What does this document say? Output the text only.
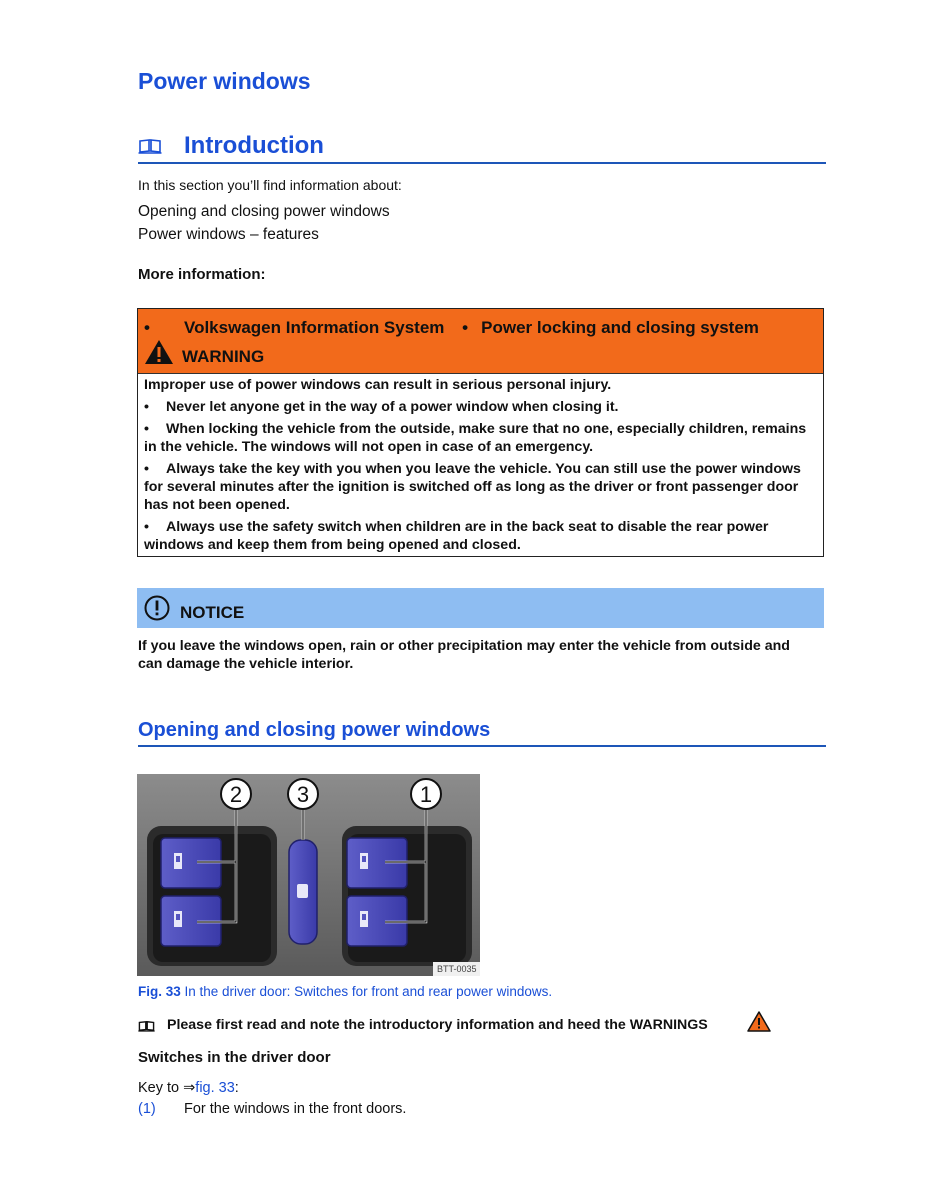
Power windows
Introduction
In this section you’ll find information about:
Opening and closing power windows
Power windows – features
More information:
• Volkswagen Information System • Power locking and closing system
WARNING

Improper use of power windows can result in serious personal injury.

• Never let anyone get in the way of a power window when closing it.

• When locking the vehicle from the outside, make sure that no one, especially children, remains in the vehicle. The windows will not open in case of an emergency.

• Always take the key with you when you leave the vehicle. You can still use the power windows for several minutes after the ignition is switched off as long as the driver or front passenger door has not been opened.

• Always use the safety switch when children are in the back seat to disable the rear power windows and keep them from being opened and closed.

NOTICE
If you leave the windows open, rain or other precipitation may enter the vehicle from outside and can damage the vehicle interior.
Opening and closing power windows
2 3	1
BTT-0035
Fig. 33 In the driver door: Switches for front and rear power windows.
Please first read and note the introductory information and heed the WARNINGS
Switches in the driver door
Key to ⇒fig. 33:
(1) For the windows in the front doors.
